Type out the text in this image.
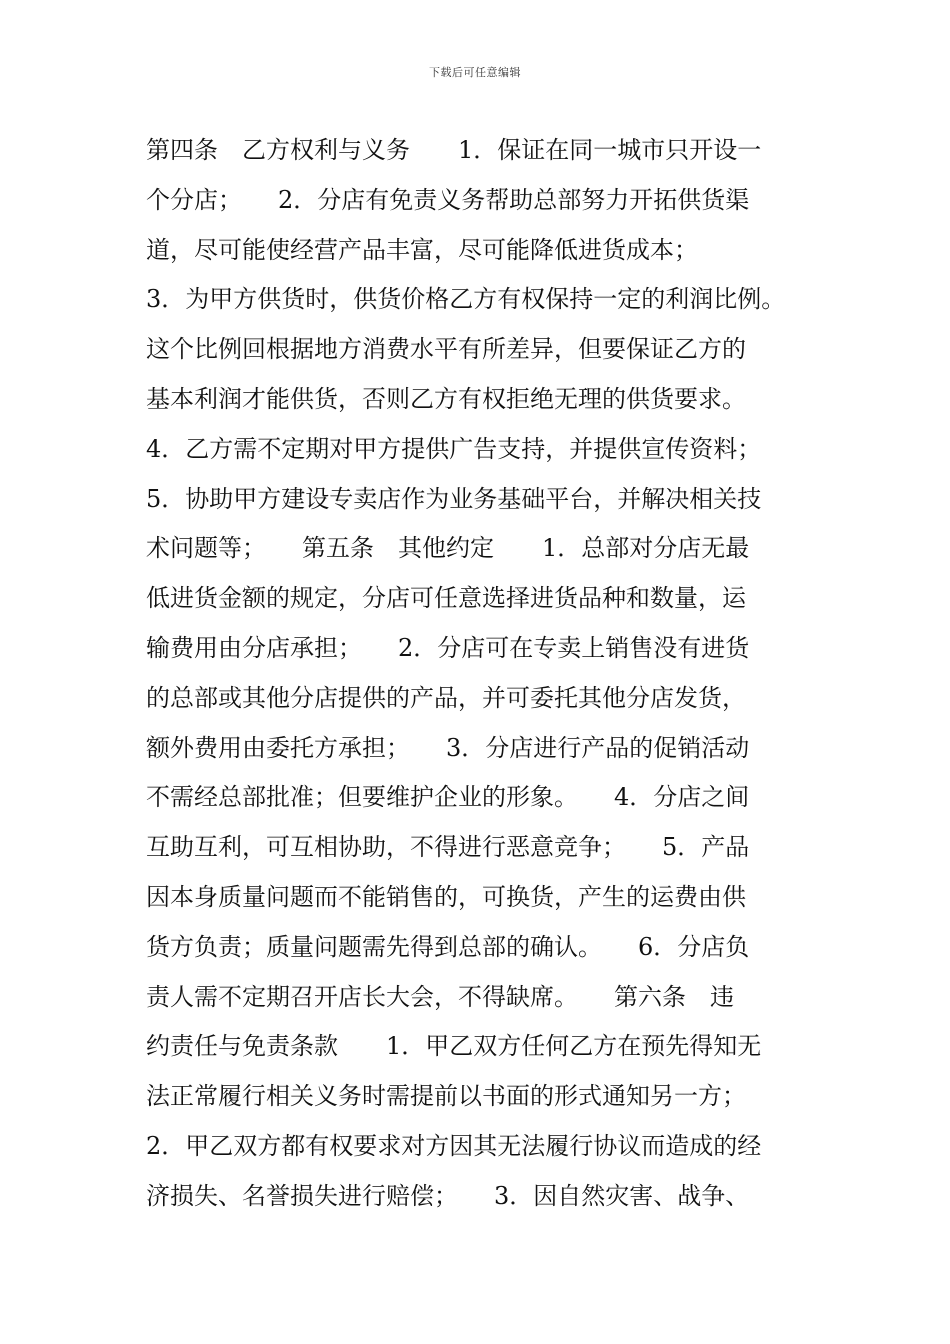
下载后可任意编辑
第四条　乙方权利与义务　　1．保证在同一城市只开设一
个分店；　　2．分店有免责义务帮助总部努力开拓供货渠
道，尽可能使经营产品丰富，尽可能降低进货成本；
3．为甲方供货时，供货价格乙方有权保持一定的利润比例。
这个比例回根据地方消费水平有所差异，但要保证乙方的
基本利润才能供货，否则乙方有权拒绝无理的供货要求。
4．乙方需不定期对甲方提供广告支持，并提供宣传资料；
5．协助甲方建设专卖店作为业务基础平台，并解决相关技
术问题等；　　第五条　其他约定　　1．总部对分店无最
低进货金额的规定，分店可任意选择进货品种和数量，运
输费用由分店承担；　　2．分店可在专卖上销售没有进货
的总部或其他分店提供的产品，并可委托其他分店发货，
额外费用由委托方承担；　　3．分店进行产品的促销活动
不需经总部批准；但要维护企业的形象。　　4．分店之间
互助互利，可互相协助，不得进行恶意竞争；　　5．产品
因本身质量问题而不能销售的，可换货，产生的运费由供
货方负责；质量问题需先得到总部的确认。　　6．分店负
责人需不定期召开店长大会，不得缺席。　　第六条　违
约责任与免责条款　　1．甲乙双方任何乙方在预先得知无
法正常履行相关义务时需提前以书面的形式通知另一方；
2．甲乙双方都有权要求对方因其无法履行协议而造成的经
济损失、名誉损失进行赔偿；　　3．因自然灾害、战争、
